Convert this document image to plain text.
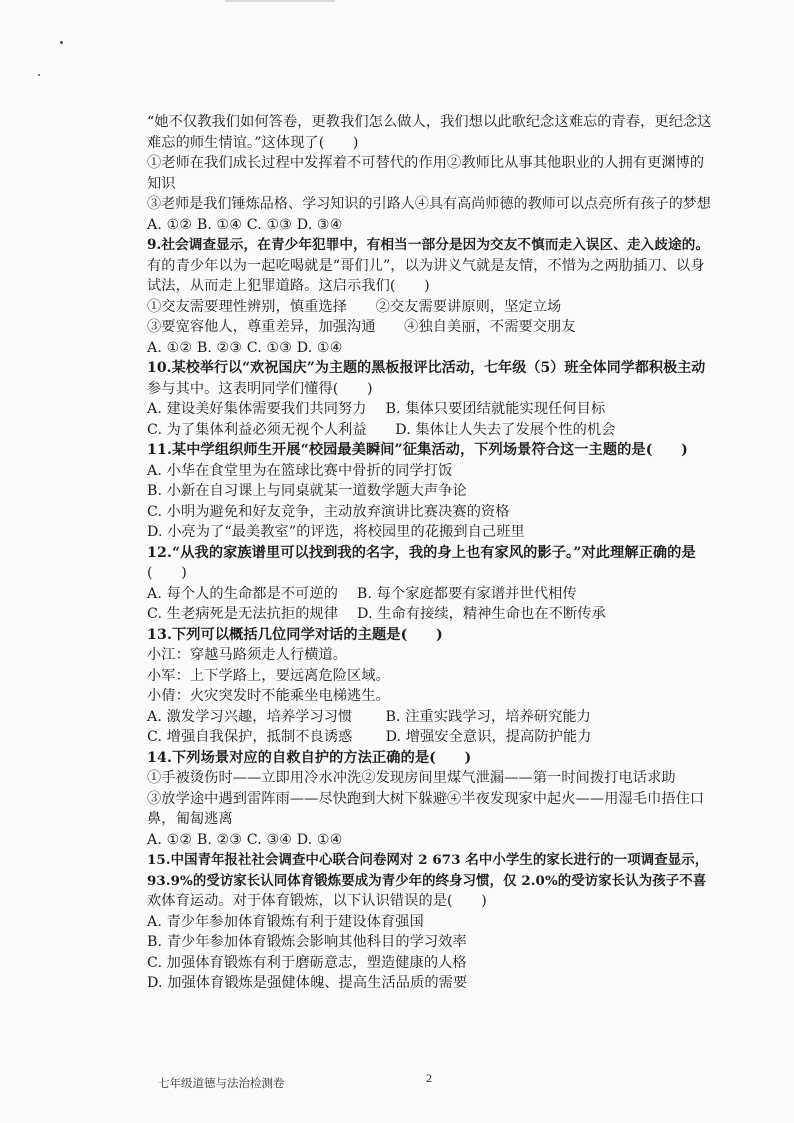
“她不仅教我们如何答卷，更教我们怎么做人，我们想以此歌纪念这难忘的青春，更纪念这

难忘的师生情谊。”这体现了(　　)

①老师在我们成长过程中发挥着不可替代的作用②教师比从事其他职业的人拥有更渊博的

知识

③老师是我们锤炼品格、学习知识的引路人④具有高尚师德的教师可以点亮所有孩子的梦想

A. ①② B. ①④ C. ①③ D. ③④

9.社会调查显示，在青少年犯罪中，有相当一部分是因为交友不慎而走入误区、走入歧途的。

有的青少年以为一起吃喝就是“哥们儿”，以为讲义气就是友情，不惜为之两肋插刀、以身

试法，从而走上犯罪道路。这启示我们(　　)

①交友需要理性辨别，慎重选择　　②交友需要讲原则，坚定立场

③要宽容他人，尊重差异，加强沟通　　④独自美丽，不需要交朋友

A. ①② B. ②③ C. ①③ D. ①④

10.某校举行以“欢祝国庆”为主题的黑板报评比活动，七年级（5）班全体同学都积极主动

参与其中。这表明同学们懂得(　　)

A. 建设美好集体需要我们共同努力　 B. 集体只要团结就能实现任何目标

C. 为了集体利益必须无视个人利益　　D. 集体让人失去了发展个性的机会

11.某中学组织师生开展“校园最美瞬间”征集活动，下列场景符合这一主题的是(　　)

A. 小华在食堂里为在篮球比赛中骨折的同学打饭

B. 小新在自习课上与同桌就某一道数学题大声争论

C. 小明为避免和好友竞争，主动放弃演讲比赛决赛的资格

D. 小亮为了“最美教室”的评选，将校园里的花搬到自己班里

12.“从我的家族谱里可以找到我的名字，我的身上也有家风的影子。”对此理解正确的是

(　　)

A. 每个人的生命都是不可逆的　 B. 每个家庭都要有家谱并世代相传

C. 生老病死是无法抗拒的规律　 D. 生命有接续，精神生命也在不断传承

13.下列可以概括几位同学对话的主题是(　　)

小江：穿越马路须走人行横道。

小军：上下学路上，要远离危险区域。

小倩：火灾突发时不能乘坐电梯逃生。

A. 激发学习兴趣，培养学习习惯　　 B. 注重实践学习，培养研究能力

C. 增强自我保护，抵制不良诱惑　　 D. 增强安全意识，提高防护能力

14.下列场景对应的自救自护的方法正确的是(　　)

①手被烫伤时——立即用冷水冲洗②发现房间里煤气泄漏——第一时间拨打电话求助

③放学途中遇到雷阵雨——尽快跑到大树下躲避④半夜发现家中起火——用湿毛巾捂住口

鼻，匍匐逃离

A. ①② B. ②③ C. ③④ D. ①④

15.中国青年报社社会调查中心联合问卷网对 2 673 名中小学生的家长进行的一项调查显示，

93.9%的受访家长认同体育锻炼要成为青少年的终身习惯，仅 2.0%的受访家长认为孩子不喜

欢体育运动。对于体育锻炼，以下认识错误的是(　　)

A. 青少年参加体育锻炼有利于建设体育强国

B. 青少年参加体育锻炼会影响其他科目的学习效率

C. 加强体育锻炼有利于磨砺意志，塑造健康的人格

D. 加强体育锻炼是强健体魄、提高生活品质的需要

七年级道德与法治检测卷	2
